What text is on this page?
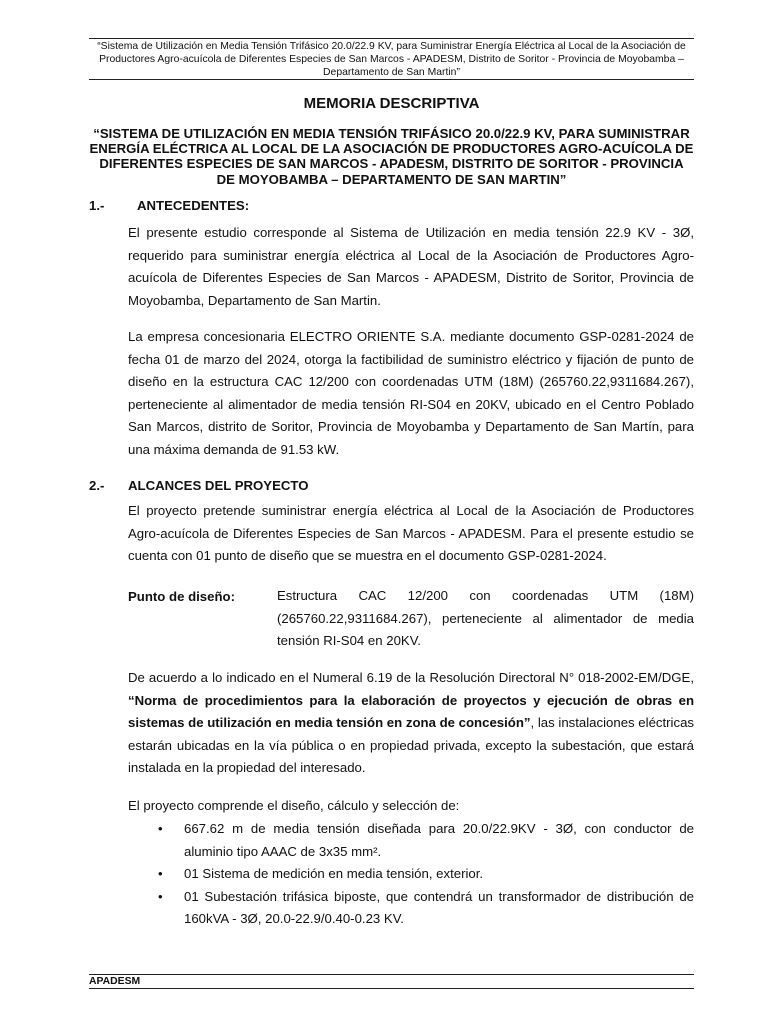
“Sistema de Utilización en Media Tensión Trifásico 20.0/22.9 KV, para Suministrar Energía Eléctrica al Local de la Asociación de Productores Agro-acuícola de Diferentes Especies de San Marcos - APADESM, Distrito de Soritor - Provincia de Moyobamba – Departamento de San Martin”

MEMORIA DESCRIPTIVA
“SISTEMA DE UTILIZACIÓN EN MEDIA TENSIÓN TRIFÁSICO 20.0/22.9 KV, PARA SUMINISTRAR ENERGÍA ELÉCTRICA AL LOCAL DE LA ASOCIACIÓN DE PRODUCTORES AGRO-ACUÍCOLA DE DIFERENTES ESPECIES DE SAN MARCOS - APADESM, DISTRITO DE SORITOR - PROVINCIA DE MOYOBAMBA – DEPARTAMENTO DE SAN MARTIN”

1.- ANTECEDENTES:

El presente estudio corresponde al Sistema de Utilización en media tensión 22.9 KV - 3Ø, requerido para suministrar energía eléctrica al Local de la Asociación de Productores Agro-acuícola de Diferentes Especies de San Marcos - APADESM, Distrito de Soritor, Provincia de Moyobamba, Departamento de San Martin.

La empresa concesionaria ELECTRO ORIENTE S.A. mediante documento GSP-0281-2024 de fecha 01 de marzo del 2024, otorga la factibilidad de suministro eléctrico y fijación de punto de diseño en la estructura CAC 12/200 con coordenadas UTM (18M) (265760.22,9311684.267), perteneciente al alimentador de media tensión RI-S04 en 20KV, ubicado en el Centro Poblado San Marcos, distrito de Soritor, Provincia de Moyobamba y Departamento de San Martín, para una máxima demanda de 91.53 kW.

2.- ALCANCES DEL PROYECTO

El proyecto pretende suministrar energía eléctrica al Local de la Asociación de Productores Agro-acuícola de Diferentes Especies de San Marcos - APADESM. Para el presente estudio se cuenta con 01 punto de diseño que se muestra en el documento GSP-0281-2024.

Punto de diseño:	Estructura CAC 12/200 con coordenadas UTM (18M) (265760.22,9311684.267), perteneciente al alimentador de media tensión RI-S04 en 20KV.

De acuerdo a lo indicado en el Numeral 6.19 de la Resolución Directoral N° 018-2002-EM/DGE, “Norma de procedimientos para la elaboración de proyectos y ejecución de obras en sistemas de utilización en media tensión en zona de concesión”, las instalaciones eléctricas estarán ubicadas en la vía pública o en propiedad privada, excepto la subestación, que estará instalada en la propiedad del interesado.

El proyecto comprende el diseño, cálculo y selección de:

• 667.62 m de media tensión diseñada para 20.0/22.9KV - 3Ø, con conductor de aluminio tipo AAAC de 3x35 mm².
• 01 Sistema de medición en media tensión, exterior.
• 01 Subestación trifásica biposte, que contendrá un transformador de distribución de 160kVA - 3Ø, 20.0-22.9/0.40-0.23 KV.

APADESM
